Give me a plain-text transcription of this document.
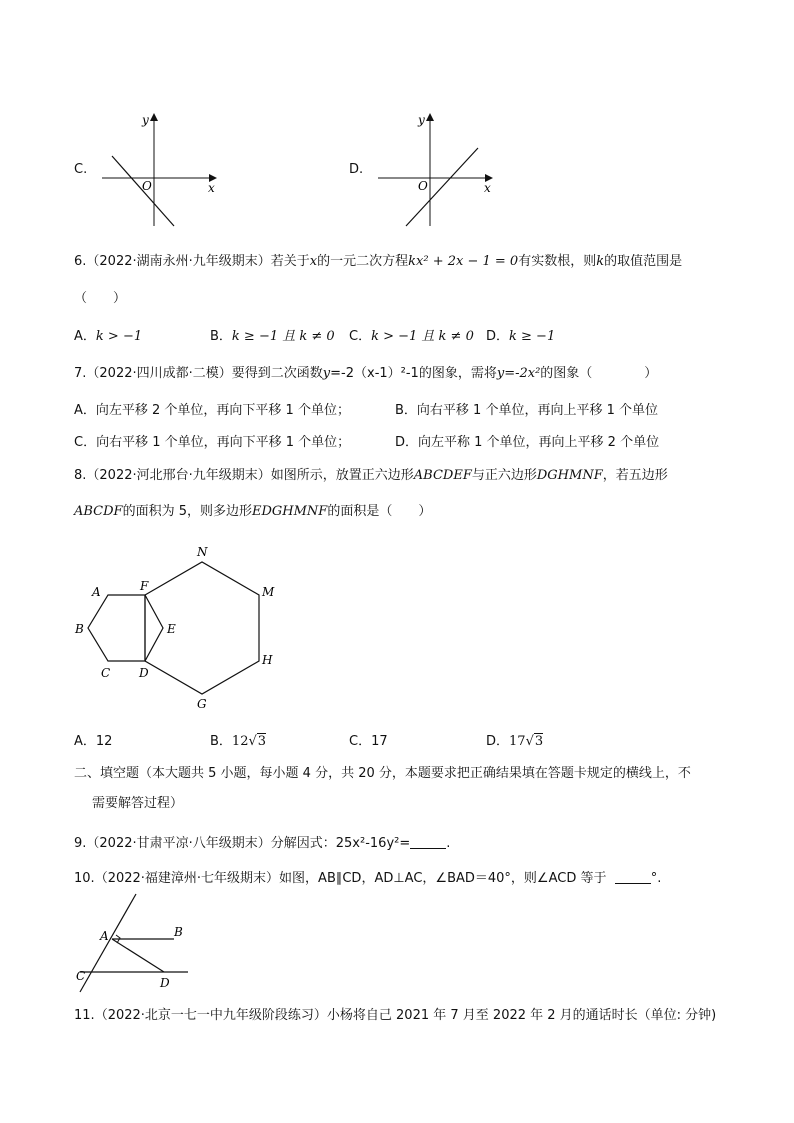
C.
y
x
O
D.
y
x
O
6.（2022·湖南永州·九年级期末）若关于x的一元二次方程kx² + 2x − 1 = 0有实数根，则k的取值范围是
（　　）
A．k > −1	B．k ≥ −1 且 k ≠ 0 C．k > −1 且 k ≠ 0 D．k ≥ −1
7.（2022·四川成都·二模）要得到二次函数y=-2（x-1）²-1的图象，需将y=-2x²的图象（　　　　）
A．向左平移 2 个单位，再向下平移 1 个单位；	B．向右平移 1 个单位，再向上平移 1 个单位
C．向右平移 1 个单位，再向下平移 1 个单位；	D．向左平称 1 个单位，再向上平移 2 个单位
8.（2022·河北邢台·九年级期末）如图所示，放置正六边形ABCDEF与正六边形DGHMNF，若五边形
ABCDF的面积为 5，则多边形EDGHMNF的面积是（　　）
A
B
C D
E
F
G
H
M
N
A．12	B．12√3	C．17	D．17√3
二、填空题（本大题共 5 小题，每小题 4 分，共 20 分，本题要求把正确结果填在答题卡规定的横线上，不
需要解答过程）
9.（2022·甘肃平凉·八年级期末）分解因式：25x²-16y²=	.
10.（2022·福建漳州·七年级期末）如图，AB∥CD，AD⊥AC，∠BAD＝40°，则∠ACD 等于	°.
A	B
C	D
11.（2022·北京一七一中九年级阶段练习）小杨将自己 2021 年 7 月至 2022 年 2 月的通话时长（单位: 分钟)
